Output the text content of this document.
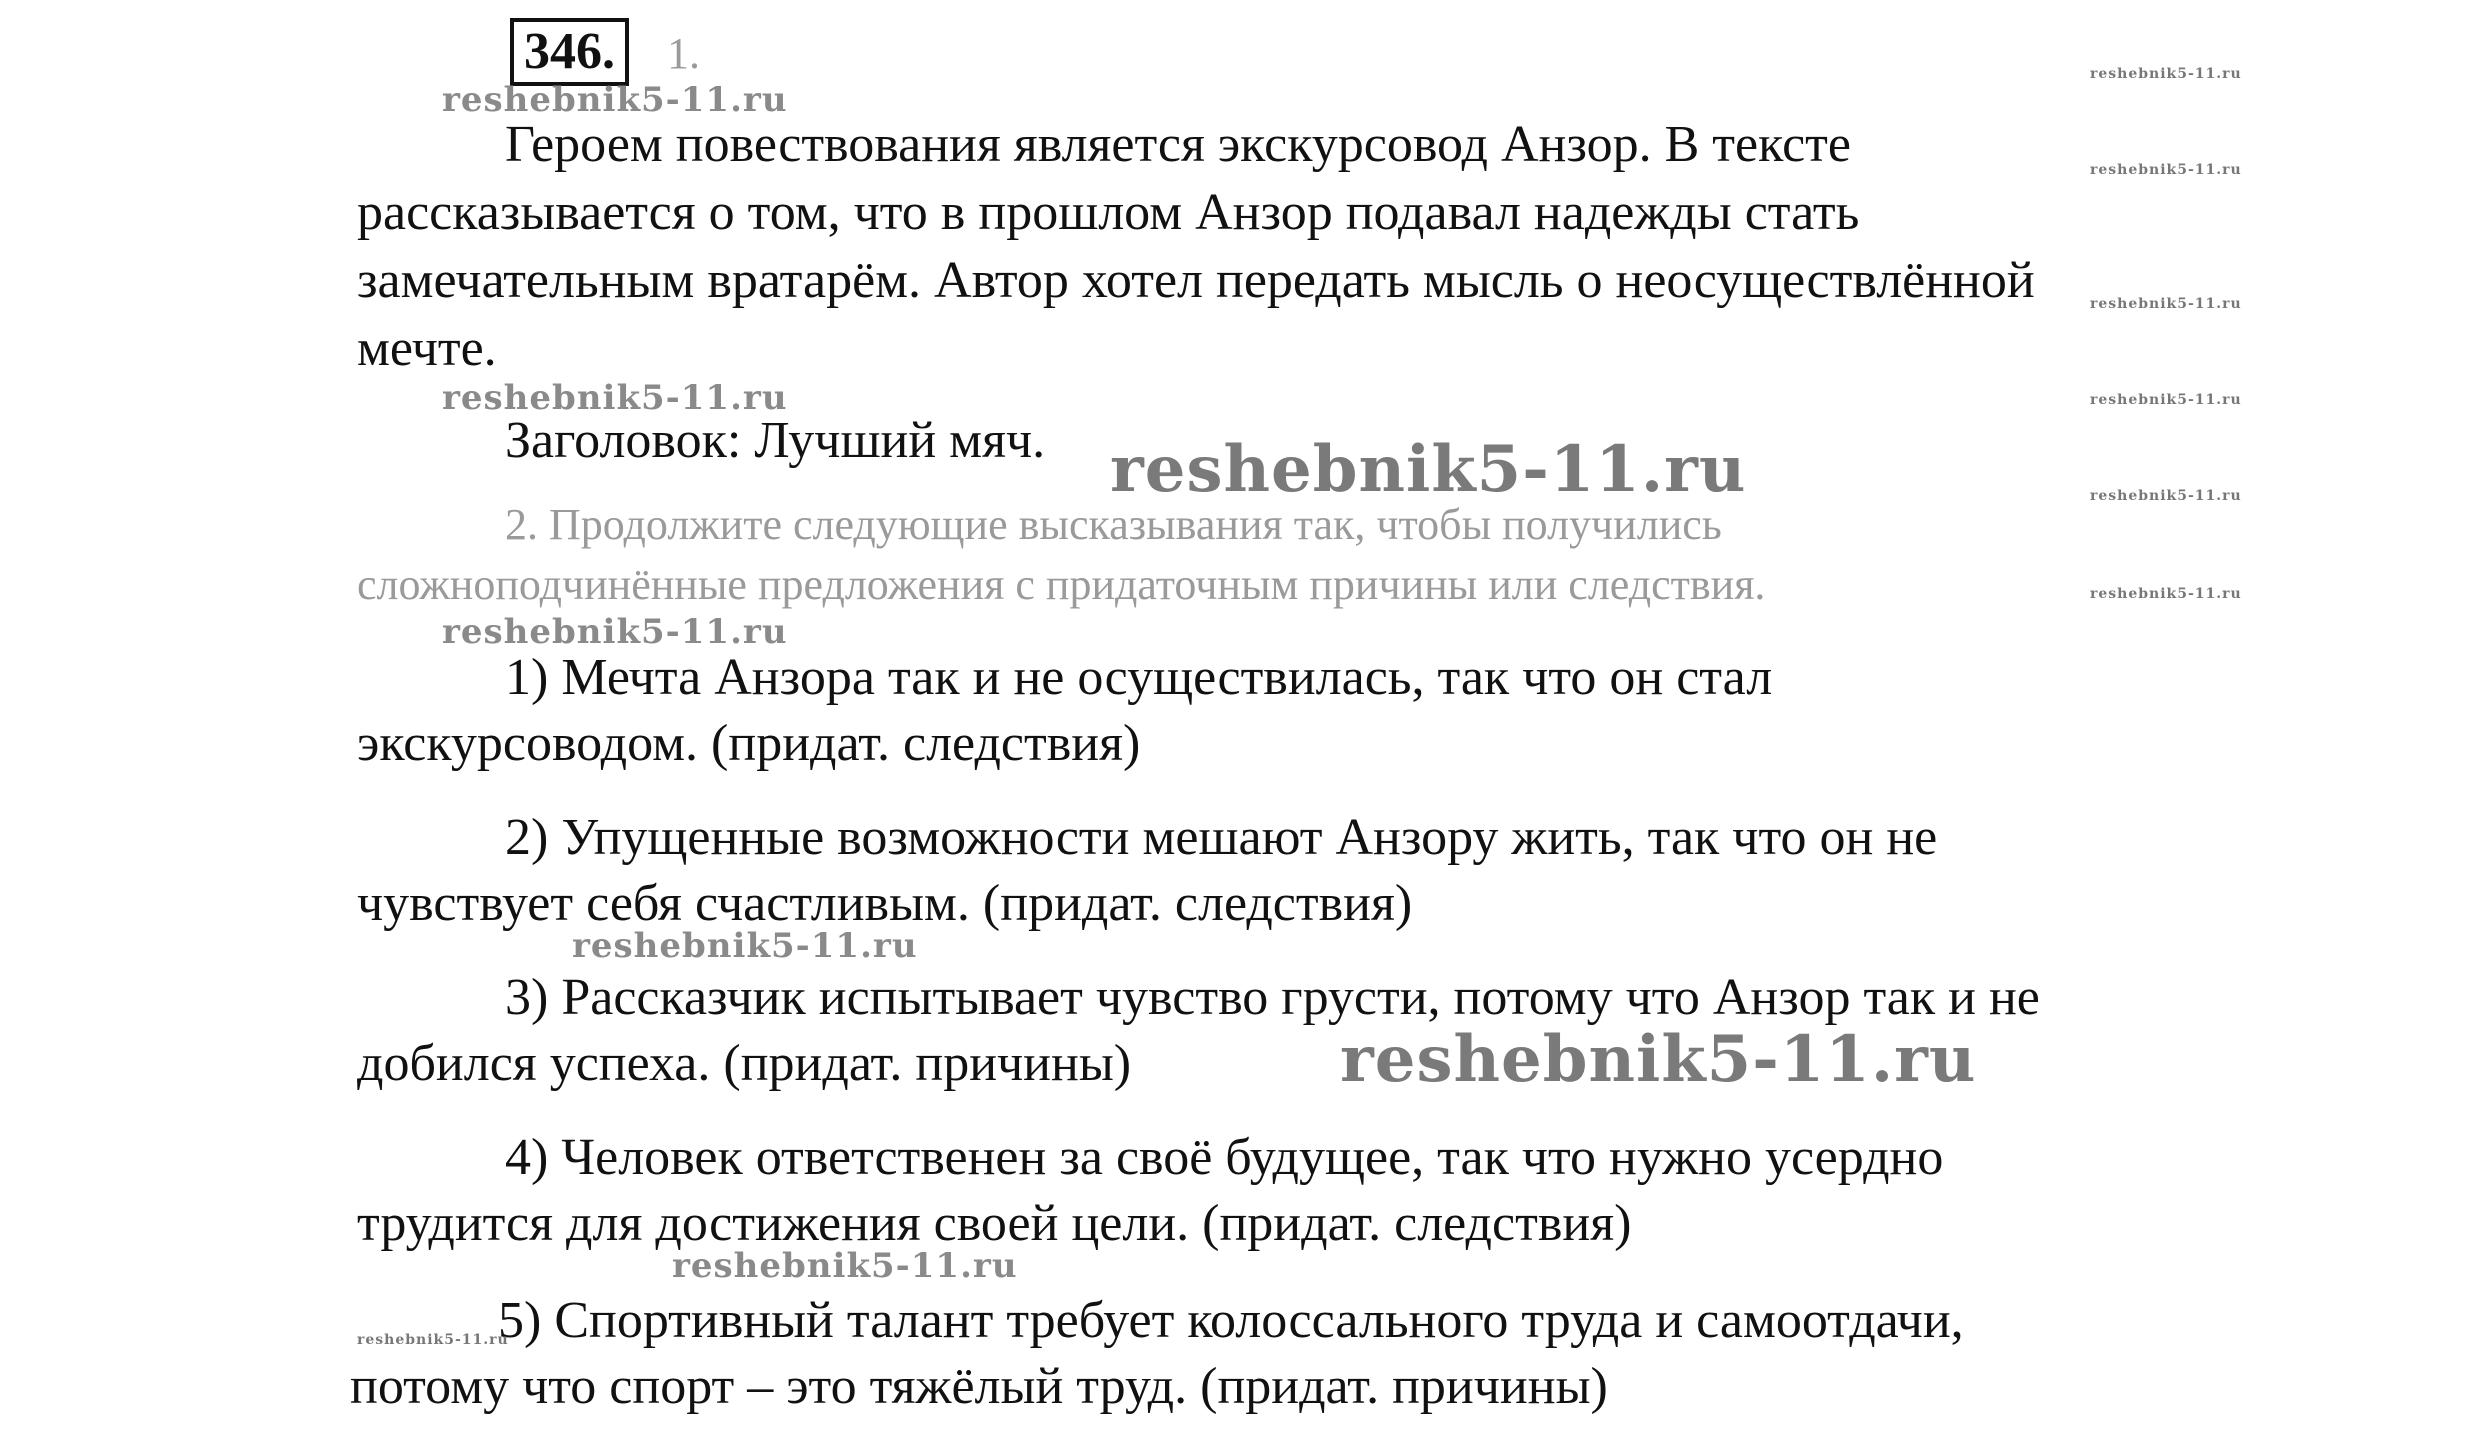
346.	1.
Героем повествования является экскурсовод Анзор. В тексте
рассказывается о том, что в прошлом Анзор подавал надежды стать
замечательным вратарём. Автор хотел передать мысль о неосуществлённой
мечте.
Заголовок: Лучший мяч.
2. Продолжите следующие высказывания так, чтобы получились
сложноподчинённые предложения с придаточным причины или следствия.
1) Мечта Анзора так и не осуществилась, так что он стал
экскурсоводом. (придат. следствия)
2) Упущенные возможности мешают Анзору жить, так что он не
чувствует себя счастливым. (придат. следствия)
3) Рассказчик испытывает чувство грусти, потому что Анзор так и не
добился успеха. (придат. причины)
4) Человек ответственен за своё будущее, так что нужно усердно
трудится для достижения своей цели. (придат. следствия)
5) Спортивный талант требует колоссального труда и самоотдачи,
потому что спорт – это тяжёлый труд. (придат. причины)
reshebnik5-11.ru
reshebnik5-11.ru
reshebnik5-11.ru
reshebnik5-11.ru
reshebnik5-11.ru
reshebnik5-11.ru
reshebnik5-11.ru
reshebnik5-11.ru
reshebnik5-11.ru
reshebnik5-11.ru
reshebnik5-11.ru
reshebnik5-11.ru
reshebnik5-11.ru
reshebnik5-11.ru
